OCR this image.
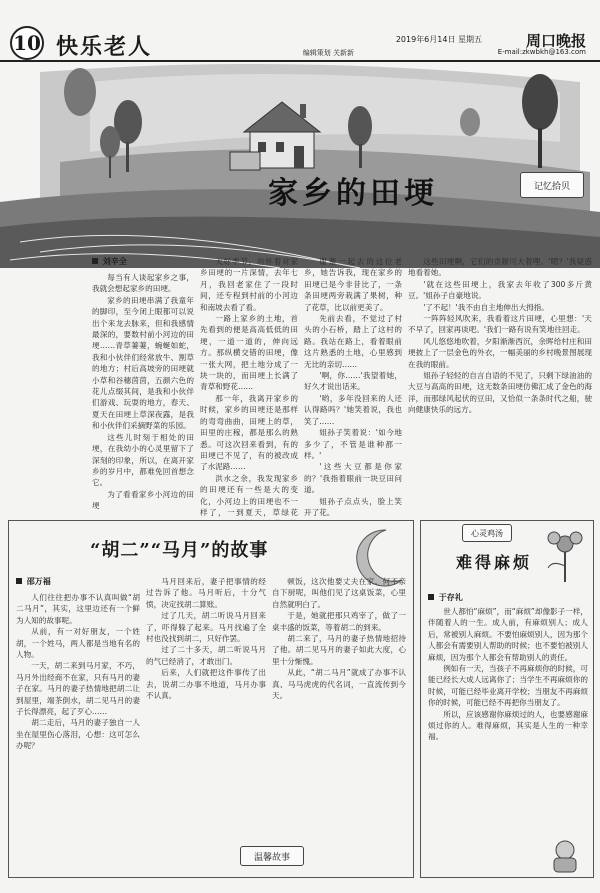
10 快乐老人	2019年6月14日 星期五	周口晚报
编辑策划 关新新	E-mail:zkwbkh@163.com
家乡的田埂	记忆拾贝
刘辛全

每当有人谈起家乡之事，我就会想起家乡的田埂。

家乡的田埂串满了我童年的脚印，至今闭上眼都可以说出个来龙去脉来，但和我感情最深的，要数村前小河边的田埂……青草萋萋，蜿蜒如蛇，我和小伙伴们经常放牛、割草的地方；村后高坡旁的田埂就小草和谷穗茵茵，五颜六色的花儿点缀其间，是我和小伙伴们游戏、玩耍的地方，春天、夏天在田埂上草深夜露，是我和小伙伴们采摘野菜的乐园。

这些儿时刻于相处的田埂，在我幼小的心灵里留下了深刻的印象，所以，在离开家乡的岁月中，都难免回首想念它。

为了看看家乡小河边的田埂

大好季节，也怀着对家乡田埂的一片深情，去年七月，我回老家住了一段时间，还专程到村前的小河边和南坡去看了看。

一路上家乡的土地，首先看到的便是高高低低的田埂，一道一道的，伸向远方。那纵横交错的田埂，像一张大网，把土地分成了一块一块的，而田埂上长满了青草和野花……

那一年，我离开家乡的时候，家乡的田埂还是那样的弯弯曲曲，田埂上的草，田里的庄稼，都是那么的熟悉。可这次回来看到，有的田埂已不见了，有的被改成了水泥路……

洪水之余，我发现家乡的田埂还有一些是大的变化，小河边上的田埂也不一样了，一到夏天，草绿花

谢谢一起去的这位老乡，她告诉我，现在家乡的田埂已是今非昔比了，一条条田埂两旁栽满了果树，种了花草，比以前更美了。

先前去看，不觉过了村头的小石桥，踏上了这村的路。我站在路上，看着眼前这片熟悉的土地，心里感到无比的亲切……

'啊，你……'我望着她，好久才说出话来。

'哟，多年没回来的人还认得路吗？'她笑着说，我也笑了……

姐孙子笑着说：'如今地多少了，不管是谁种都一样。'

'这些大豆都是你家的？'我指着眼前一块豆田问道。

姐孙子点点头，脸上笑开了花。

这些田埂啊，它们的贡献可大着哩。'嗯？'我疑惑地看着她。

'就在这些田埂上，我家去年收了300多斤黄豆。'姐孙子自豪地说。

'了不起！'我不由自主地伸出大拇指。

一阵阵轻风吹来，我看着这片田埂，心里想：'天不早了，回家再谈吧。'我们一路有说有笑地往回走。

风儿悠悠地吹着，夕阳渐渐西沉，余晖给村庄和田埂披上了一层金色的外衣，一幅美丽的乡村晚景图展现在我的眼前。

姐孙子轻轻的自言自语的不见了，只剩下绿油油的大豆与高高的田埂，这无数条田埂仿佛汇成了金色的海洋，而那绿风起伏的豆田，又恰似一条条时代之船，驶向健康快乐的远方。

“胡二”“马月”的故事
邵万福

人们往往把办事不认真叫做“胡二马月”，其实，这里边还有一个鲜为人知的故事呢。

从前，有一对好朋友，一个姓胡，一个姓马，两人都是当地有名的人物。

一天，胡二来到马月家，不巧，马月外出经商不在家，只有马月的妻子在家。马月的妻子热情地把胡二让到屋里，端茶倒水，胡二见马月的妻子长得漂亮，起了歹心……

胡二走后，马月的妻子独自一人坐在屋里伤心落泪，心想：这可怎么办呢？

马月回来后，妻子把事情的经过告诉了他。马月听后，十分气愤，决定找胡二算账。

过了几天，胡二听说马月回来了，吓得躲了起来。马月找遍了全村也没找到胡二，只好作罢。

过了二十多天，胡二听说马月的气已经消了，才敢出门。

后来，人们就把这件事传了出去，说胡二办事不地道，马月办事不认真。

顿饭，这次他要丈夫在家。何不亲自下厨呢，叫他们见了这桌饭菜，心里自然就明白了。

于是，她就把那只鸡宰了，做了一桌丰盛的饭菜，等着胡二的到来。

胡二来了，马月的妻子热情地招待了他。胡二见马月的妻子如此大度，心里十分惭愧。

从此，“胡二马月”就成了办事不认真、马马虎虎的代名词，一直流传到今天。

温馨故事
心灵鸡汤
难得麻烦
于存礼

世人都怕“麻烦”，而“麻烦”却像影子一样，伴随着人的一生。成人前，有麻烦别人；成人后，常被别人麻烦。不要怕麻烦别人，因为那个人都会有需要别人帮助的时候；也不要怕被别人麻烦，因为那个人都会有帮助别人的责任。

例如有一天，当孩子不再麻烦你的时候，可能已经长大成人远离你了；当学生不再麻烦你的时候，可能已经毕业离开学校；当朋友不再麻烦你的时候，可能已经不再把你当朋友了。

所以，应该感谢你麻烦过的人，也要感谢麻烦过你的人。难得麻烦，其实是人生的一种幸福。
